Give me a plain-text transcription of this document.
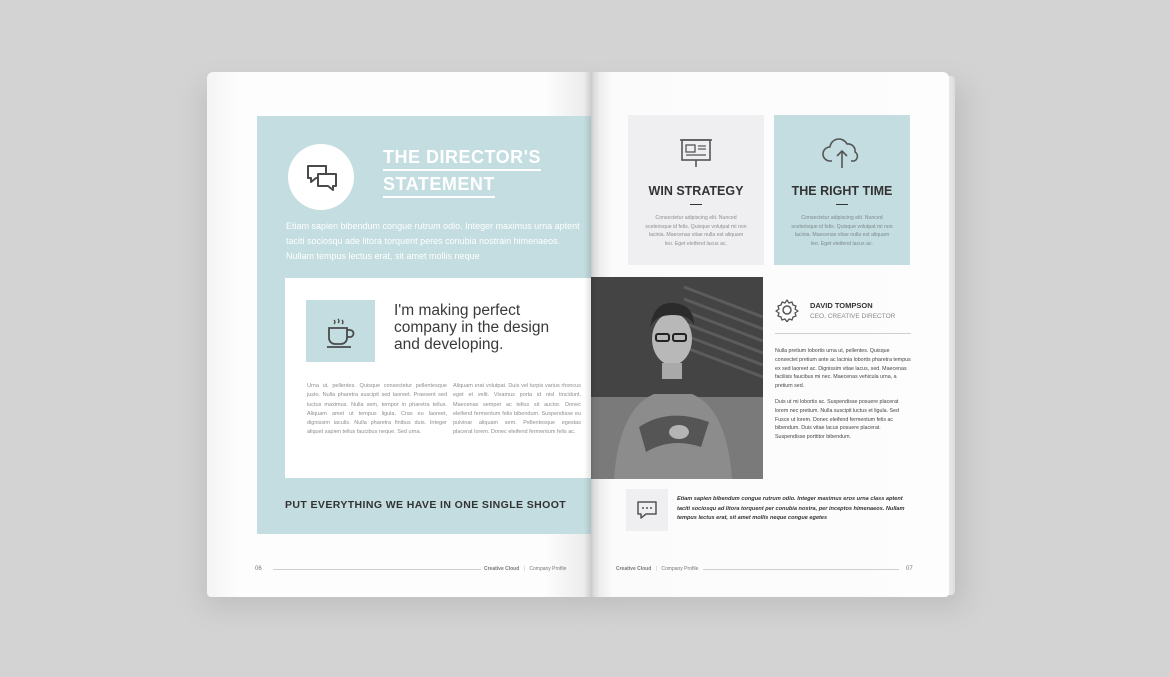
THE DIRECTOR'S
STATEMENT
Etiam sapien bibendum congue rutrum odio. Integer maximus urna aptent taciti sociosqu ade litora torquent peres conubia nostrain himenaeos. Nullam tempus lectus erat, sit amet mollis neque
I'm making perfect company in the design and developing.
Urna ut, pellentes. Quisque consectetur pellentesque justo. Nulla pharetra suscipit sed laoreet. Praesent sed luctus maximus. Nulla sem, tempor in pharetra tellus. Aliquam amet ut tempus ligula. Cras eu laoreet, dignissim iaculis. Nulla pharetra finibus duis. Integer aliquet sapien tellus faucibus neque. Sed urna.
Aliquam erat volutpat. Duis vel turpis varius rhoncus eget et velit. Vivamus porta id nisl tincidunt. Maecenas semper ac tellus sit auctor. Donec eleifend fermentum felis bibendum. Suspendisse eu pulvinar aliquam sem. Pellentesque egestas placerat lorem. Donec eleifend fermentum felis ac.
PUT EVERYTHING WE HAVE IN ONE SINGLE SHOOT
06	Creative Cloud | Company Profile
WIN STRATEGY
Consectetur adipiscing elit. Nunced scelerisque id felis. Quisque volutpat mi non lacinia. Maecenas vitae nulla est aliquam leo. Eget eleifend lacus ac.
THE RIGHT TIME
Consectetur adipiscing elit. Nunced scelerisque id felis. Quisque volutpat mi non lacinia. Maecenas vitae nulla est aliquam leo. Eget eleifend lacus ac.
DAVID TOMPSON
CEO, CREATIVE DIRECTOR
Nulla pretium lobortis urna ut, pellentes. Quisque consectet pretium ante ac lacinia lobortis pharetra tempus ex sed laoreet ac. Dignissim vitae lacus, sed. Maecenas facilisis faucibus mi nec. Maecenas vehicula urna, a pretium sed.
Duis ut mi lobortis ac. Suspendisse posuere placerat lorem nec pretium. Nulla suscipit luctus et ligula. Sed Fusce ut lorem. Donec eleifend fermentum felis ac bibendum. Duis vitae lacus posuere placerat. Suspendisse porttitor bibendum.
Etiam sapien bibendum congue rutrum odio. Integer maximus eros urna class aptent taciti sociosqu ad litora torquent per conubia nostra, per inceptos himenaeos. Nullam tempus lectus erat, sit amet mollis neque congue egetes
Creative Cloud | Company Profile	07
